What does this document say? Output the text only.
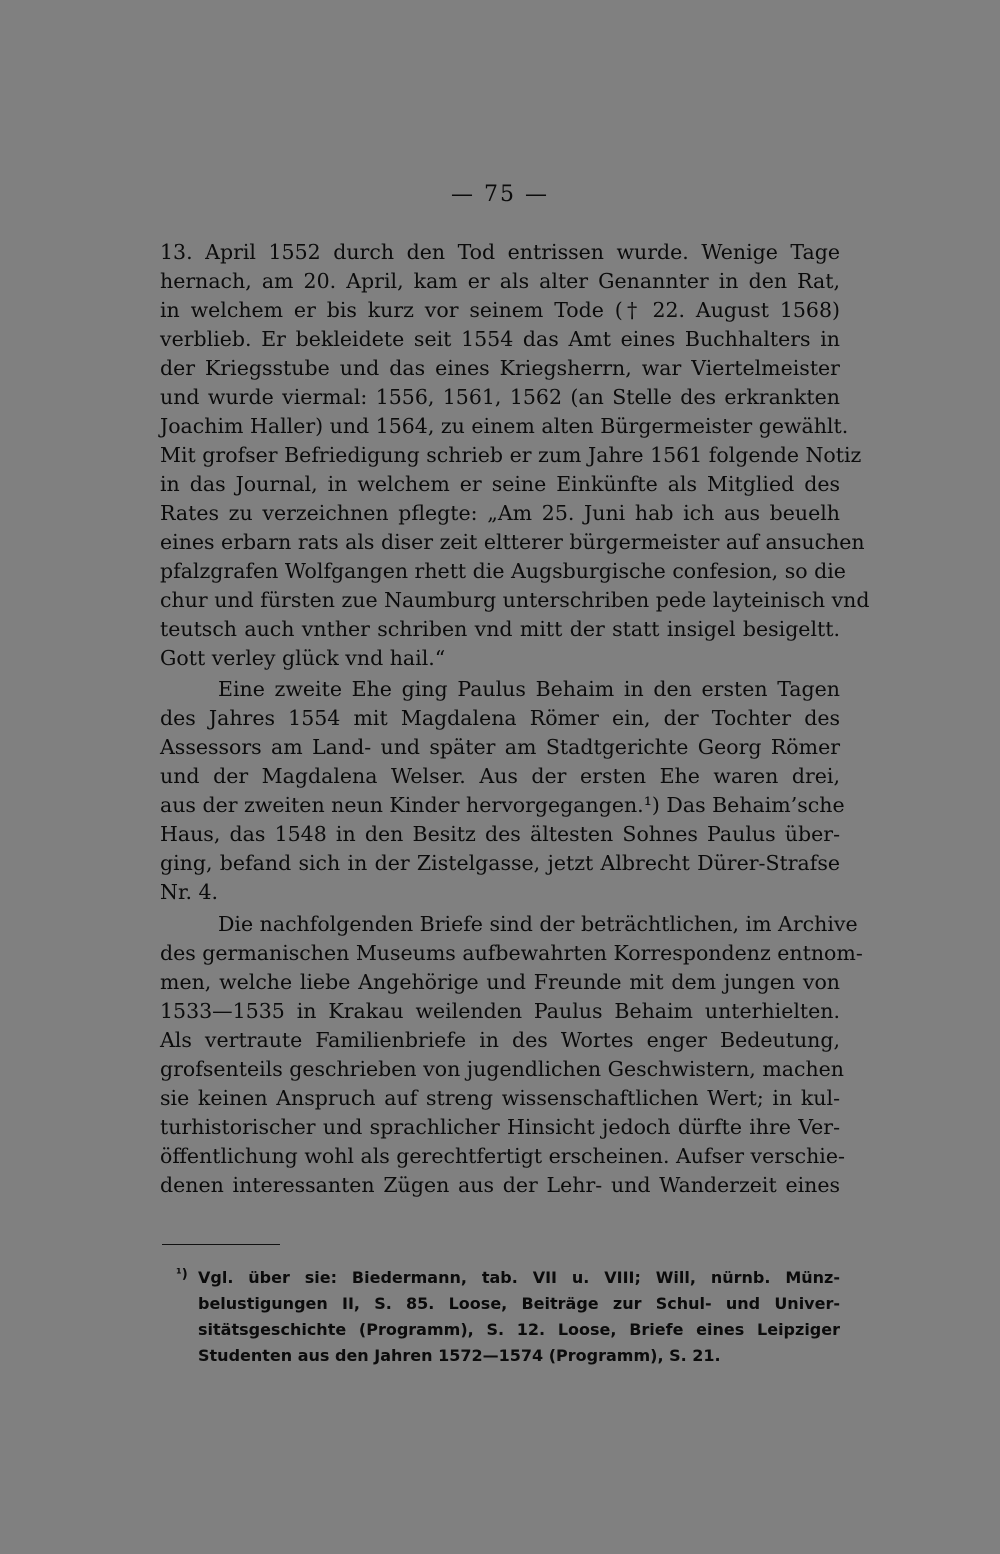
— 75 —
13. April 1552 durch den Tod entrissen wurde. Wenige Tage
hernach, am 20. April, kam er als alter Genannter in den Rat,
in welchem er bis kurz vor seinem Tode († 22. August 1568)
verblieb. Er bekleidete seit 1554 das Amt eines Buchhalters in
der Kriegsstube und das eines Kriegsherrn, war Viertelmeister
und wurde viermal: 1556, 1561, 1562 (an Stelle des erkrankten
Joachim Haller) und 1564, zu einem alten Bürgermeister gewählt.
Mit grofser Befriedigung schrieb er zum Jahre 1561 folgende Notiz
in das Journal, in welchem er seine Einkünfte als Mitglied des
Rates zu verzeichnen pflegte: „Am 25. Juni hab ich aus beuelh
eines erbarn rats als diser zeit eltterer bürgermeister auf ansuchen
pfalzgrafen Wolfgangen rhett die Augsburgische confesion, so die
chur und fürsten zue Naumburg unterschriben pede layteinisch vnd
teutsch auch vnther schriben vnd mitt der statt insigel besigeltt.
Gott verley glück vnd hail.“
Eine zweite Ehe ging Paulus Behaim in den ersten Tagen
des Jahres 1554 mit Magdalena Römer ein, der Tochter des
Assessors am Land- und später am Stadtgerichte Georg Römer
und der Magdalena Welser. Aus der ersten Ehe waren drei,
aus der zweiten neun Kinder hervorgegangen.¹) Das Behaim’sche
Haus, das 1548 in den Besitz des ältesten Sohnes Paulus über-
ging, befand sich in der Zistelgasse, jetzt Albrecht Dürer-Strafse
Nr. 4.
Die nachfolgenden Briefe sind der beträchtlichen, im Archive
des germanischen Museums aufbewahrten Korrespondenz entnom-
men, welche liebe Angehörige und Freunde mit dem jungen von
1533—1535 in Krakau weilenden Paulus Behaim unterhielten.
Als vertraute Familienbriefe in des Wortes enger Bedeutung,
grofsenteils geschrieben von jugendlichen Geschwistern, machen
sie keinen Anspruch auf streng wissenschaftlichen Wert; in kul-
turhistorischer und sprachlicher Hinsicht jedoch dürfte ihre Ver-
öffentlichung wohl als gerechtfertigt erscheinen. Aufser verschie-
denen interessanten Zügen aus der Lehr- und Wanderzeit eines
¹) Vgl. über sie: Biedermann, tab. VII u. VIII; Will, nürnb. Münz-
belustigungen II, S. 85. Loose, Beiträge zur Schul- und Univer-
sitätsgeschichte (Programm), S. 12. Loose, Briefe eines Leipziger
Studenten aus den Jahren 1572—1574 (Programm), S. 21.
